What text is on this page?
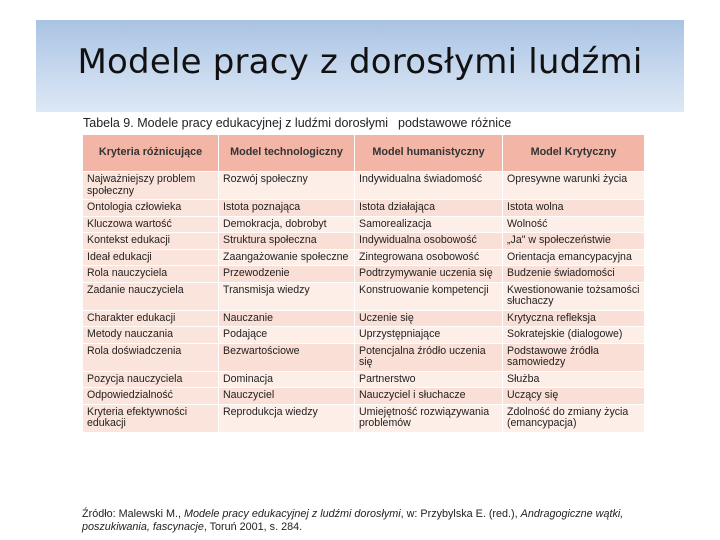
Modele pracy z dorosłymi ludźmi
Tabela 9. Modele pracy edukacyjnej z ludźmi dorosłymi podstawowe różnice
Kryteria różnicujące	Model technologiczny	Model humanistyczny	Model Krytyczny
Najważniejszy problem społeczny	Rozwój społeczny	Indywidualna świadomość	Opresywne warunki życia
Ontologia człowieka	Istota poznająca	Istota działająca	Istota wolna
Kluczowa wartość	Demokracja, dobrobyt	Samorealizacja	Wolność
Kontekst edukacji	Struktura społeczna	Indywidualna osobowość	„Ja" w społeczeństwie
Ideał edukacji	Zaangażowanie społeczne	Zintegrowana osobowość	Orientacja emancypacyjna
Rola nauczyciela	Przewodzenie	Podtrzymywanie uczenia się	Budzenie świadomości
Zadanie nauczyciela	Transmisja wiedzy	Konstruowanie kompetencji	Kwestionowanie tożsamości słuchaczy
Charakter edukacji	Nauczanie	Uczenie się	Krytyczna refleksja
Metody nauczania	Podające	Uprzystępniające	Sokratejskie (dialogowe)
Rola doświadczenia	Bezwartościowe	Potencjalna źródło uczenia się	Podstawowe źródła samowiedzy
Pozycja nauczyciela	Dominacja	Partnerstwo	Służba
Odpowiedzialność	Nauczyciel	Nauczyciel i słuchacze	Uczący się
Kryteria efektywności edukacji	Reprodukcja wiedzy	Umiejętność rozwiązywania problemów	Zdolność do zmiany życia (emancypacja)
Źródło: Malewski M., Modele pracy edukacyjnej z ludźmi dorosłymi, w: Przybylska E. (red.), Andragogiczne wątki, poszukiwania, fascynacje, Toruń 2001, s. 284.
